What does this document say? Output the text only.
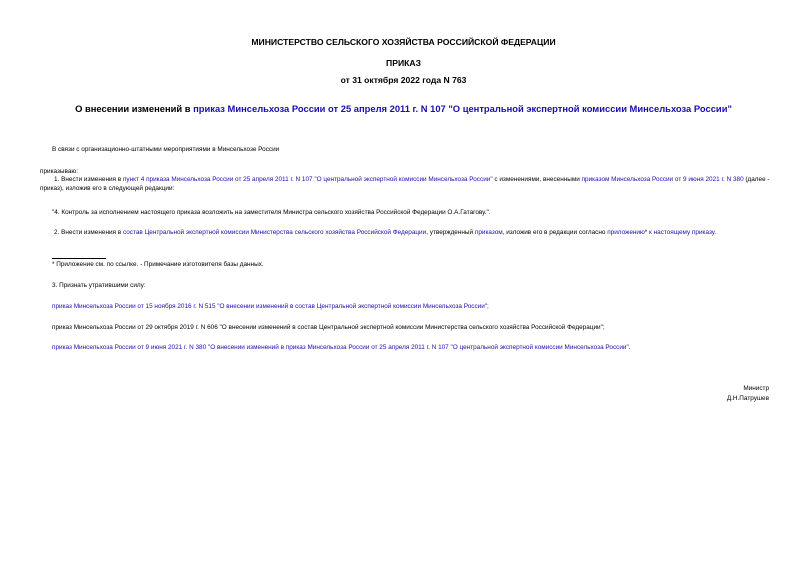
МИНИСТЕРСТВО СЕЛЬСКОГО ХОЗЯЙСТВА РОССИЙСКОЙ ФЕДЕРАЦИИ
ПРИКАЗ
от 31 октября 2022 года N 763
О внесении изменений в приказ Минсельхоза России от 25 апреля 2011 г. N 107 "О центральной экспертной комиссии Минсельхоза России"
В связи с организационно-штатными мероприятиями в Минсельхозе России
приказываю:
1. Внести изменения в пункт 4 приказа Минсельхоза России от 25 апреля 2011 г. N 107 "О центральной экспертной комиссии Минсельхоза России" с изменениями, внесенными приказом Минсельхоза России от 9 июня 2021 г. N 380 (далее - приказ), изложив его в следующей редакции:
"4. Контроль за исполнением настоящего приказа возложить на заместителя Министра сельского хозяйства Российской Федерации О.А.Гатагову.".
2. Внести изменения в состав Центральной экспертной комиссии Министерства сельского хозяйства Российской Федерации, утвержденный приказом, изложив его в редакции согласно приложению* к настоящему приказу.
* Приложение см. по ссылке. - Примечание изготовителя базы данных.
3. Признать утратившими силу:
приказ Минсельхоза России от 15 ноября 2016 г. N 515 "О внесении изменений в состав Центральной экспертной комиссии Минсельхоза России";
приказ Минсельхоза России от 29 октября 2019 г. N 606 "О внесении изменений в состав Центральной экспертной комиссии Министерства сельского хозяйства Российской Федерации";
приказ Минсельхоза России от 9 июня 2021 г. N 380 "О внесении изменений в приказ Минсельхоза России от 25 апреля 2011 г. N 107 "О центральной экспертной комиссии Минсельхоза России".
Министр
Д.Н.Патрушев
